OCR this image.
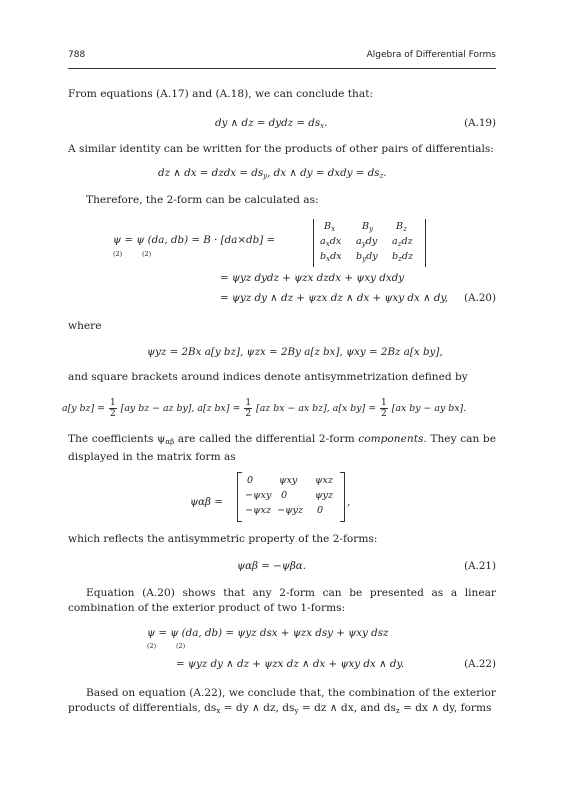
788	Algebra of Differential Forms
From equations (A.17) and (A.18), we can conclude that:
dy ∧ dz = dydz = $ds_x$.	(A.19)
A similar identity can be written for the products of other pairs of differentials:
dz ∧ dx = dzdx = $ds_y$, dx ∧ dy = dxdy = $ds_z$.
Therefore, the 2-form can be calculated as:
ψ = ψ (da, db) = B · [da×db] =
(2)	(2)
$B_x$	$B_y$ $B_z$
$a_xdx$ $a_ydy$ $a_zdz$
$b_xdx$ $b_ydy$ $b_zdz$
= ψyz dydz + ψzx dzdx + ψxy dxdy
= ψyz dy ∧ dz + ψzx dz ∧ dx + ψxy dx ∧ dy, (A.20)
where
ψyz = 2Bx a[y bz], ψzx = 2By a[z bx], ψxy = 2Bz a[x by],
and square brackets around indices denote antisymmetrization defined by
a[y $bz] = \frac{1}{2} [ay$ bz − az by], a[z $bx] = \frac{1}{2} [az$ bx − ax bz], a[x $by] = \frac{1}{2} [ax$ by − ay bx].
The coefficients $\psi_{\alpha\beta}$ are called the differential 2-form components. They can be displayed in the matrix form as
ψαβ =
0	ψxy ψxz
−ψxy 0	ψyz
−ψxz −ψyz 0
,
which reflects the antisymmetric property of the 2-forms:
ψαβ = −ψβα.	(A.21)
Equation (A.20) shows that any 2-form can be presented as a linear combination of the exterior product of two 1-forms:
ψ = ψ (da, db) = ψyz dsx + ψzx dsy + ψxy dsz
(2)	(2)
= ψyz dy ∧ dz + ψzx dz ∧ dx + ψxy dx ∧ dy.	(A.22)
Based on equation (A.22), we conclude that, the combination of the exterior products of differentials, $ds_x$ = dy ∧ dz, $ds_y$ = dz ∧ dx, and $ds_z$ = dx ∧ dy, forms
